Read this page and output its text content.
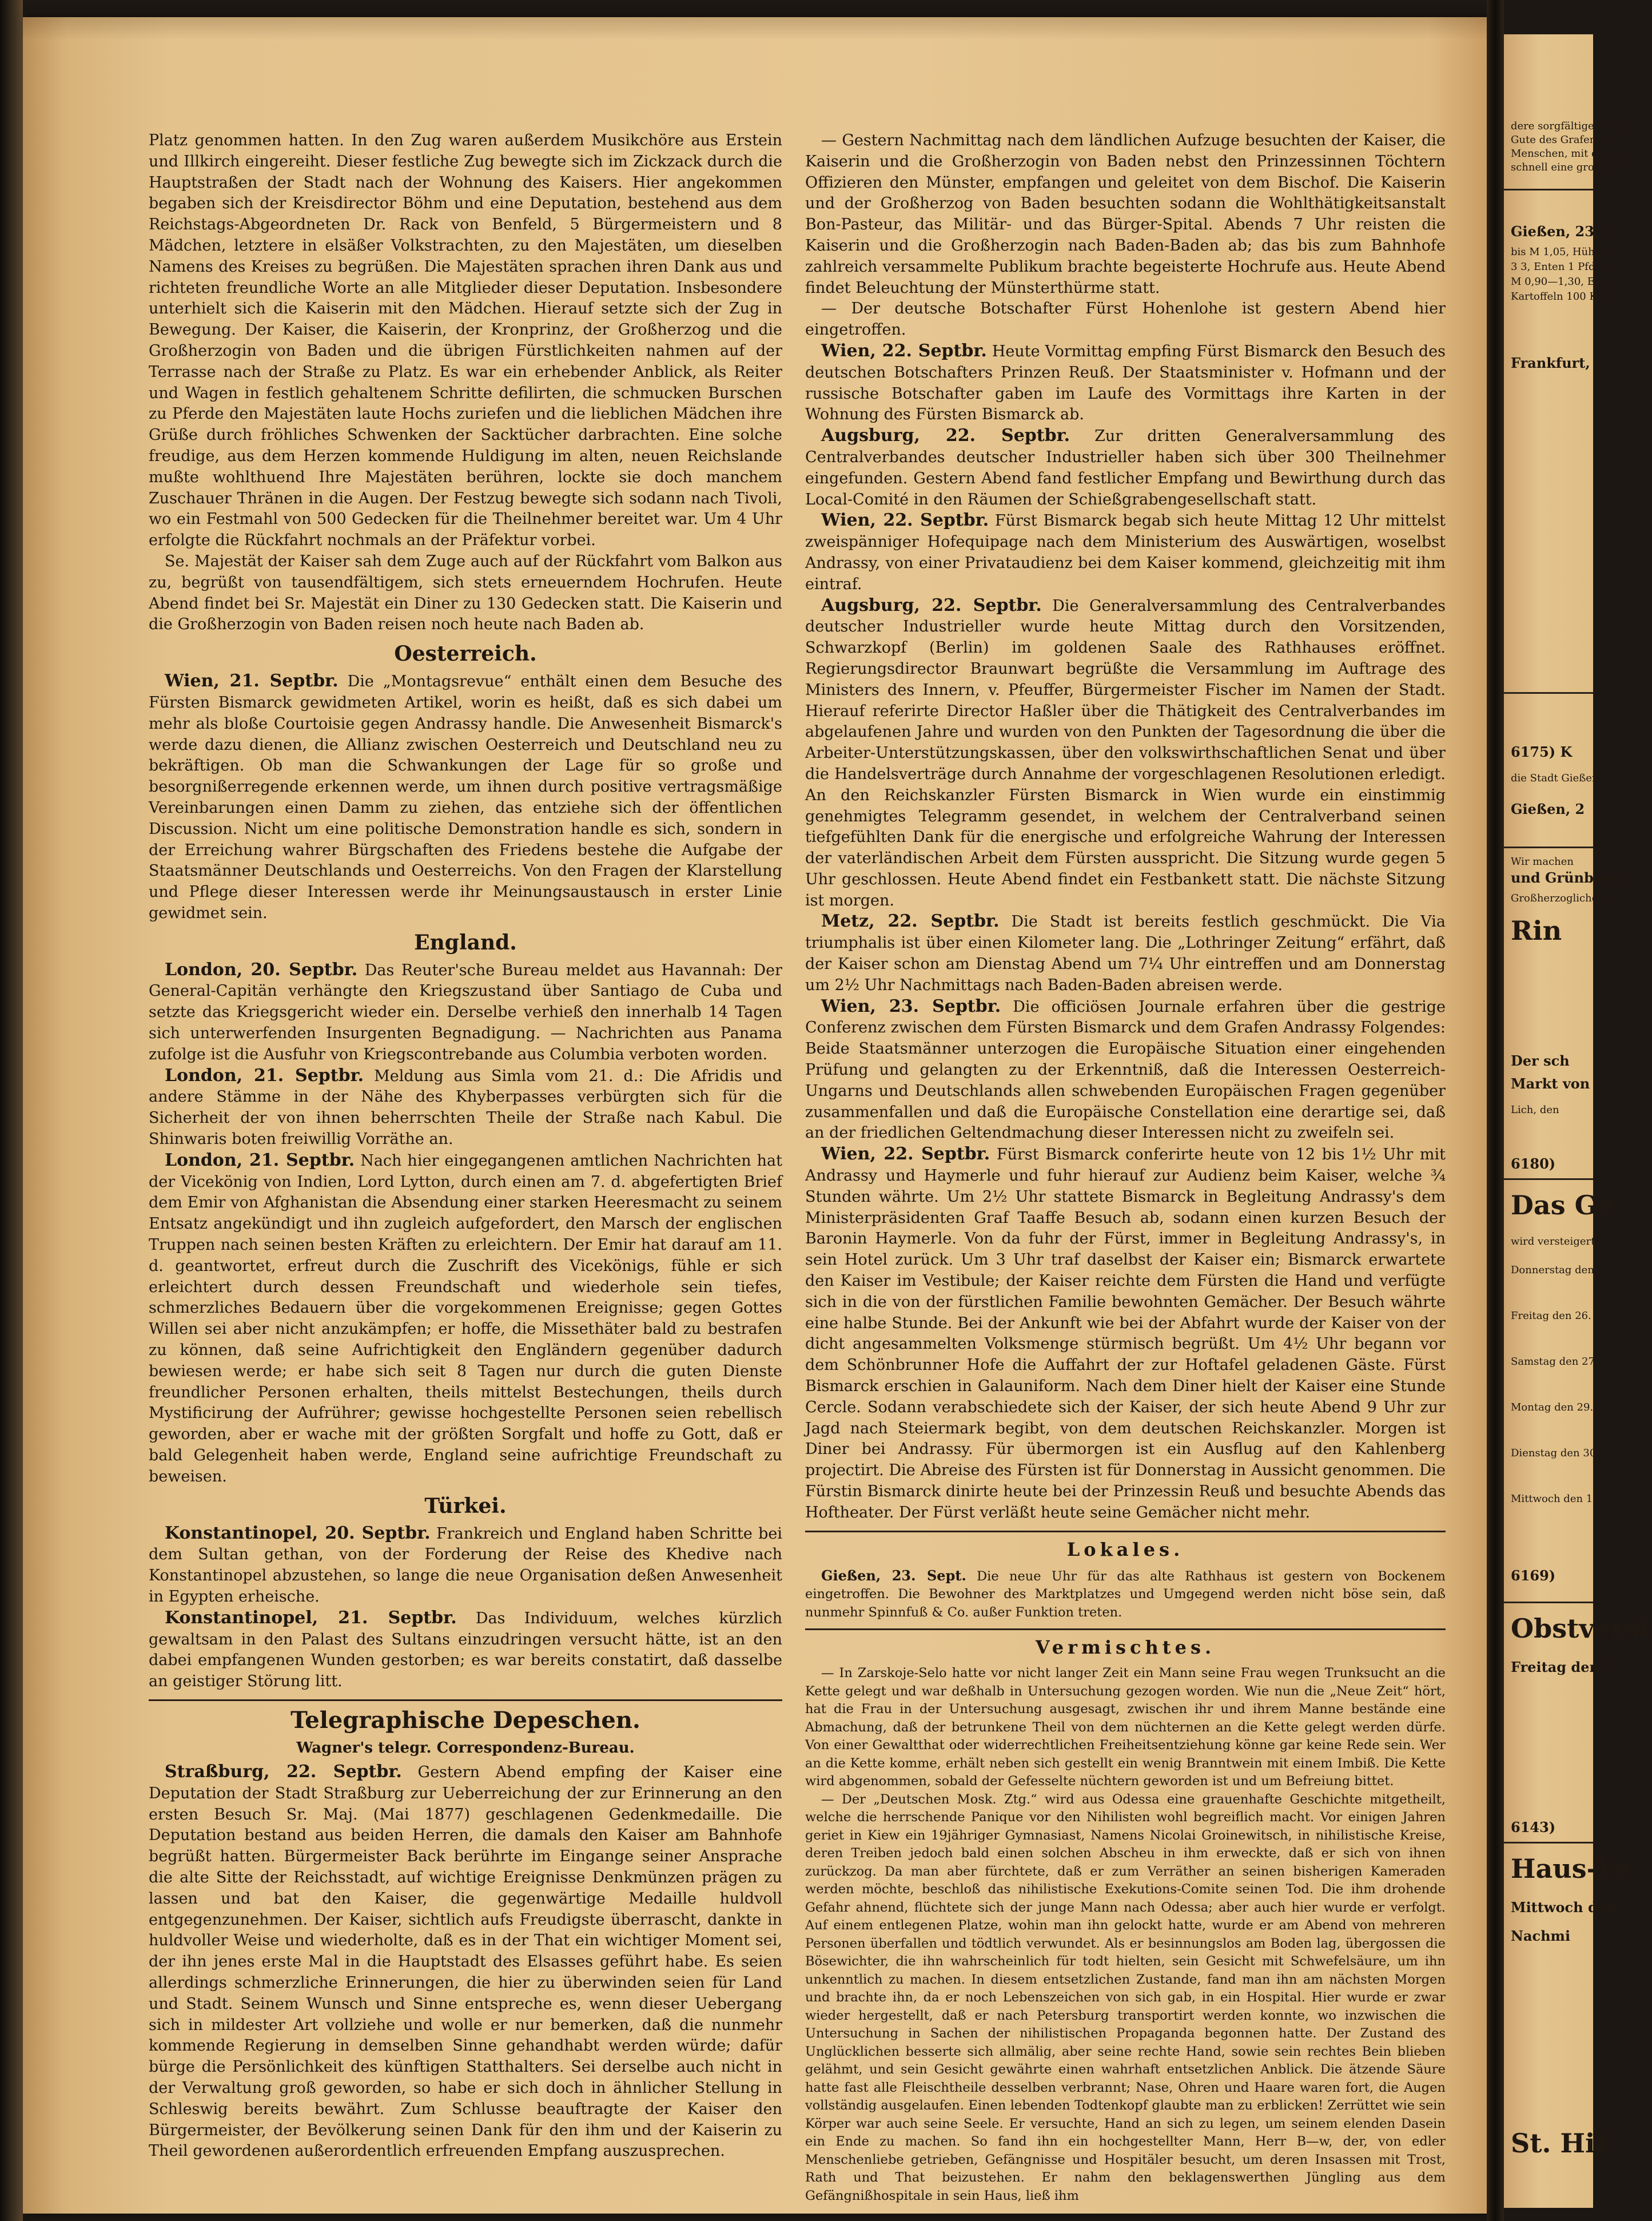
Platz genommen hatten. In den Zug waren außerdem Musikchöre aus Erstein und Illkirch eingereiht. Dieser festliche Zug bewegte sich im Zickzack durch die Hauptstraßen der Stadt nach der Wohnung des Kaisers. Hier angekommen begaben sich der Kreisdirector Böhm und eine Deputation, bestehend aus dem Reichstags-Abgeordneten Dr. Rack von Benfeld, 5 Bürgermeistern und 8 Mädchen, letztere in elsäßer Volkstrachten, zu den Majestäten, um dieselben Namens des Kreises zu begrüßen. Die Majestäten sprachen ihren Dank aus und richteten freundliche Worte an alle Mitglieder dieser Deputation. Insbesondere unterhielt sich die Kaiserin mit den Mädchen. Hierauf setzte sich der Zug in Bewegung. Der Kaiser, die Kaiserin, der Kronprinz, der Großherzog und die Großherzogin von Baden und die übrigen Fürstlichkeiten nahmen auf der Terrasse nach der Straße zu Platz. Es war ein erhebender Anblick, als Reiter und Wagen in festlich gehaltenem Schritte defilirten, die schmucken Burschen zu Pferde den Majestäten laute Hochs zuriefen und die lieblichen Mädchen ihre Grüße durch fröhliches Schwenken der Sacktücher darbrachten. Eine solche freudige, aus dem Herzen kommende Huldigung im alten, neuen Reichslande mußte wohlthuend Ihre Majestäten berühren, lockte sie doch manchem Zuschauer Thränen in die Augen. Der Festzug bewegte sich sodann nach Tivoli, wo ein Festmahl von 500 Gedecken für die Theilnehmer bereitet war. Um 4 Uhr erfolgte die Rückfahrt nochmals an der Präfektur vorbei.

Se. Majestät der Kaiser sah dem Zuge auch auf der Rückfahrt vom Balkon aus zu, begrüßt von tausendfältigem, sich stets erneuerndem Hochrufen. Heute Abend findet bei Sr. Majestät ein Diner zu 130 Gedecken statt. Die Kaiserin und die Großherzogin von Baden reisen noch heute nach Baden ab.

Oesterreich.

Wien, 21. Septbr. Die „Montagsrevue“ enthält einen dem Besuche des Fürsten Bismarck gewidmeten Artikel, worin es heißt, daß es sich dabei um mehr als bloße Courtoisie gegen Andrassy handle. Die Anwesenheit Bismarck's werde dazu dienen, die Allianz zwischen Oesterreich und Deutschland neu zu bekräftigen. Ob man die Schwankungen der Lage für so große und besorgnißerregende erkennen werde, um ihnen durch positive vertragsmäßige Vereinbarungen einen Damm zu ziehen, das entziehe sich der öffentlichen Discussion. Nicht um eine politische Demonstration handle es sich, sondern in der Erreichung wahrer Bürgschaften des Friedens bestehe die Aufgabe der Staatsmänner Deutschlands und Oesterreichs. Von den Fragen der Klarstellung und Pflege dieser Interessen werde ihr Meinungsaustausch in erster Linie gewidmet sein.

England.

London, 20. Septbr. Das Reuter'sche Bureau meldet aus Havannah: Der General-Capitän verhängte den Kriegszustand über Santiago de Cuba und setzte das Kriegsgericht wieder ein. Derselbe verhieß den innerhalb 14 Tagen sich unterwerfenden Insurgenten Begnadigung. — Nachrichten aus Panama zufolge ist die Ausfuhr von Kriegscontrebande aus Columbia verboten worden.

London, 21. Septbr. Meldung aus Simla vom 21. d.: Die Afridis und andere Stämme in der Nähe des Khyberpasses verbürgten sich für die Sicherheit der von ihnen beherrschten Theile der Straße nach Kabul. Die Shinwaris boten freiwillig Vorräthe an.

London, 21. Septbr. Nach hier eingegangenen amtlichen Nachrichten hat der Vicekönig von Indien, Lord Lytton, durch einen am 7. d. abgefertigten Brief dem Emir von Afghanistan die Absendung einer starken Heeresmacht zu seinem Entsatz angekündigt und ihn zugleich aufgefordert, den Marsch der englischen Truppen nach seinen besten Kräften zu erleichtern. Der Emir hat darauf am 11. d. geantwortet, erfreut durch die Zuschrift des Vicekönigs, fühle er sich erleichtert durch dessen Freundschaft und wiederhole sein tiefes, schmerzliches Bedauern über die vorgekommenen Ereignisse; gegen Gottes Willen sei aber nicht anzukämpfen; er hoffe, die Missethäter bald zu bestrafen zu können, daß seine Aufrichtigkeit den Engländern gegenüber dadurch bewiesen werde; er habe sich seit 8 Tagen nur durch die guten Dienste freundlicher Personen erhalten, theils mittelst Bestechungen, theils durch Mystificirung der Aufrührer; gewisse hochgestellte Personen seien rebellisch geworden, aber er wache mit der größten Sorgfalt und hoffe zu Gott, daß er bald Gelegenheit haben werde, England seine aufrichtige Freundschaft zu beweisen.

Türkei.

Konstantinopel, 20. Septbr. Frankreich und England haben Schritte bei dem Sultan gethan, von der Forderung der Reise des Khedive nach Konstantinopel abzustehen, so lange die neue Organisation deßen Anwesenheit in Egypten erheische.

Konstantinopel, 21. Septbr. Das Individuum, welches kürzlich gewaltsam in den Palast des Sultans einzudringen versucht hätte, ist an den dabei empfangenen Wunden gestorben; es war bereits constatirt, daß dasselbe an geistiger Störung litt.

Telegraphische Depeschen.
Wagner's telegr. Correspondenz-Bureau.

Straßburg, 22. Septbr. Gestern Abend empfing der Kaiser eine Deputation der Stadt Straßburg zur Ueberreichung der zur Erinnerung an den ersten Besuch Sr. Maj. (Mai 1877) geschlagenen Gedenkmedaille. Die Deputation bestand aus beiden Herren, die damals den Kaiser am Bahnhofe begrüßt hatten. Bürgermeister Back berührte im Eingange seiner Ansprache die alte Sitte der Reichsstadt, auf wichtige Ereignisse Denkmünzen prägen zu lassen und bat den Kaiser, die gegenwärtige Medaille huldvoll entgegenzunehmen. Der Kaiser, sichtlich aufs Freudigste überrascht, dankte in huldvoller Weise und wiederholte, daß es in der That ein wichtiger Moment sei, der ihn jenes erste Mal in die Hauptstadt des Elsasses geführt habe. Es seien allerdings schmerzliche Erinnerungen, die hier zu überwinden seien für Land und Stadt. Seinem Wunsch und Sinne entspreche es, wenn dieser Uebergang sich in mildester Art vollziehe und wolle er nur bemerken, daß die nunmehr kommende Regierung in demselben Sinne gehandhabt werden würde; dafür bürge die Persönlichkeit des künftigen Statthalters. Sei derselbe auch nicht in der Verwaltung groß geworden, so habe er sich doch in ähnlicher Stellung in Schleswig bereits bewährt. Zum Schlusse beauftragte der Kaiser den Bürgermeister, der Bevölkerung seinen Dank für den ihm und der Kaiserin zu Theil gewordenen außerordentlich erfreuenden Empfang auszusprechen.

— Gestern Nachmittag nach dem ländlichen Aufzuge besuchten der Kaiser, die Kaiserin und die Großherzogin von Baden nebst den Prinzessinnen Töchtern Offizieren den Münster, empfangen und geleitet von dem Bischof. Die Kaiserin und der Großherzog von Baden besuchten sodann die Wohlthätigkeitsanstalt Bon-Pasteur, das Militär- und das Bürger-Spital. Abends 7 Uhr reisten die Kaiserin und die Großherzogin nach Baden-Baden ab; das bis zum Bahnhofe zahlreich versammelte Publikum brachte begeisterte Hochrufe aus. Heute Abend findet Beleuchtung der Münsterthürme statt.

— Der deutsche Botschafter Fürst Hohenlohe ist gestern Abend hier eingetroffen.

Wien, 22. Septbr. Heute Vormittag empfing Fürst Bismarck den Besuch des deutschen Botschafters Prinzen Reuß. Der Staatsminister v. Hofmann und der russische Botschafter gaben im Laufe des Vormittags ihre Karten in der Wohnung des Fürsten Bismarck ab.

Augsburg, 22. Septbr. Zur dritten Generalversammlung des Centralverbandes deutscher Industrieller haben sich über 300 Theilnehmer eingefunden. Gestern Abend fand festlicher Empfang und Bewirthung durch das Local-Comité in den Räumen der Schießgrabengesellschaft statt.

Wien, 22. Septbr. Fürst Bismarck begab sich heute Mittag 12 Uhr mittelst zweispänniger Hofequipage nach dem Ministerium des Auswärtigen, woselbst Andrassy, von einer Privataudienz bei dem Kaiser kommend, gleichzeitig mit ihm eintraf.

Augsburg, 22. Septbr. Die Generalversammlung des Centralverbandes deutscher Industrieller wurde heute Mittag durch den Vorsitzenden, Schwarzkopf (Berlin) im goldenen Saale des Rathhauses eröffnet. Regierungsdirector Braunwart begrüßte die Versammlung im Auftrage des Ministers des Innern, v. Pfeuffer, Bürgermeister Fischer im Namen der Stadt. Hierauf referirte Director Haßler über die Thätigkeit des Centralverbandes im abgelaufenen Jahre und wurden von den Punkten der Tagesordnung die über die Arbeiter-Unterstützungskassen, über den volkswirthschaftlichen Senat und über die Handelsverträge durch Annahme der vorgeschlagenen Resolutionen erledigt. An den Reichskanzler Fürsten Bismarck in Wien wurde ein einstimmig genehmigtes Telegramm gesendet, in welchem der Centralverband seinen tiefgefühlten Dank für die energische und erfolgreiche Wahrung der Interessen der vaterländischen Arbeit dem Fürsten ausspricht. Die Sitzung wurde gegen 5 Uhr geschlossen. Heute Abend findet ein Festbankett statt. Die nächste Sitzung ist morgen.

Metz, 22. Septbr. Die Stadt ist bereits festlich geschmückt. Die Via triumphalis ist über einen Kilometer lang. Die „Lothringer Zeitung“ erfährt, daß der Kaiser schon am Dienstag Abend um 7¼ Uhr eintreffen und am Donnerstag um 2½ Uhr Nachmittags nach Baden-Baden abreisen werde.

Wien, 23. Septbr. Die officiösen Journale erfahren über die gestrige Conferenz zwischen dem Fürsten Bismarck und dem Grafen Andrassy Folgendes: Beide Staatsmänner unterzogen die Europäische Situation einer eingehenden Prüfung und gelangten zu der Erkenntniß, daß die Interessen Oesterreich-Ungarns und Deutschlands allen schwebenden Europäischen Fragen gegenüber zusammenfallen und daß die Europäische Constellation eine derartige sei, daß an der friedlichen Geltendmachung dieser Interessen nicht zu zweifeln sei.

Wien, 22. Septbr. Fürst Bismarck conferirte heute von 12 bis 1½ Uhr mit Andrassy und Haymerle und fuhr hierauf zur Audienz beim Kaiser, welche ¾ Stunden währte. Um 2½ Uhr stattete Bismarck in Begleitung Andrassy's dem Ministerpräsidenten Graf Taaffe Besuch ab, sodann einen kurzen Besuch der Baronin Haymerle. Von da fuhr der Fürst, immer in Begleitung Andrassy's, in sein Hotel zurück. Um 3 Uhr traf daselbst der Kaiser ein; Bismarck erwartete den Kaiser im Vestibule; der Kaiser reichte dem Fürsten die Hand und verfügte sich in die von der fürstlichen Familie bewohnten Gemächer. Der Besuch währte eine halbe Stunde. Bei der Ankunft wie bei der Abfahrt wurde der Kaiser von der dicht angesammelten Volksmenge stürmisch begrüßt. Um 4½ Uhr begann vor dem Schönbrunner Hofe die Auffahrt der zur Hoftafel geladenen Gäste. Fürst Bismarck erschien in Galauniform. Nach dem Diner hielt der Kaiser eine Stunde Cercle. Sodann verabschiedete sich der Kaiser, der sich heute Abend 9 Uhr zur Jagd nach Steiermark begibt, von dem deutschen Reichskanzler. Morgen ist Diner bei Andrassy. Für übermorgen ist ein Ausflug auf den Kahlenberg projectirt. Die Abreise des Fürsten ist für Donnerstag in Aussicht genommen. Die Fürstin Bismarck dinirte heute bei der Prinzessin Reuß und besuchte Abends das Hoftheater. Der Fürst verläßt heute seine Gemächer nicht mehr.

Lokales.

Gießen, 23. Sept. Die neue Uhr für das alte Rathhaus ist gestern von Bockenem eingetroffen. Die Bewohner des Marktplatzes und Umgegend werden nicht böse sein, daß nunmehr Spinnfuß & Co. außer Funktion treten.

Vermischtes.

— In Zarskoje-Selo hatte vor nicht langer Zeit ein Mann seine Frau wegen Trunksucht an die Kette gelegt und war deßhalb in Untersuchung gezogen worden. Wie nun die „Neue Zeit“ hört, hat die Frau in der Untersuchung ausgesagt, zwischen ihr und ihrem Manne bestände eine Abmachung, daß der betrunkene Theil von dem nüchternen an die Kette gelegt werden dürfe. Von einer Gewaltthat oder widerrechtlichen Freiheitsentziehung könne gar keine Rede sein. Wer an die Kette komme, erhält neben sich gestellt ein wenig Branntwein mit einem Imbiß. Die Kette wird abgenommen, sobald der Gefesselte nüchtern geworden ist und um Befreiung bittet.

— Der „Deutschen Mosk. Ztg.“ wird aus Odessa eine grauenhafte Geschichte mitgetheilt, welche die herrschende Panique vor den Nihilisten wohl begreiflich macht. Vor einigen Jahren geriet in Kiew ein 19jähriger Gymnasiast, Namens Nicolai Groinewitsch, in nihilistische Kreise, deren Treiben jedoch bald einen solchen Abscheu in ihm erweckte, daß er sich von ihnen zurückzog. Da man aber fürchtete, daß er zum Verräther an seinen bisherigen Kameraden werden möchte, beschloß das nihilistische Exekutions-Comite seinen Tod. Die ihm drohende Gefahr ahnend, flüchtete sich der junge Mann nach Odessa; aber auch hier wurde er verfolgt. Auf einem entlegenen Platze, wohin man ihn gelockt hatte, wurde er am Abend von mehreren Personen überfallen und tödtlich verwundet. Als er besinnungslos am Boden lag, übergossen die Bösewichter, die ihn wahrscheinlich für todt hielten, sein Gesicht mit Schwefelsäure, um ihn unkenntlich zu machen. In diesem entsetzlichen Zustande, fand man ihn am nächsten Morgen und brachte ihn, da er noch Lebenszeichen von sich gab, in ein Hospital. Hier wurde er zwar wieder hergestellt, daß er nach Petersburg transportirt werden konnte, wo inzwischen die Untersuchung in Sachen der nihilistischen Propaganda begonnen hatte. Der Zustand des Unglücklichen besserte sich allmälig, aber seine rechte Hand, sowie sein rechtes Bein blieben gelähmt, und sein Gesicht gewährte einen wahrhaft entsetzlichen Anblick. Die ätzende Säure hatte fast alle Fleischtheile desselben verbrannt; Nase, Ohren und Haare waren fort, die Augen vollständig ausgelaufen. Einen lebenden Todtenkopf glaubte man zu erblicken! Zerrüttet wie sein Körper war auch seine Seele. Er versuchte, Hand an sich zu legen, um seinem elenden Dasein ein Ende zu machen. So fand ihn ein hochgestellter Mann, Herr B—w, der, von edler Menschenliebe getrieben, Gefängnisse und Hospitäler besucht, um deren Insassen mit Trost, Rath und That beizustehen. Er nahm den beklagenswerthen Jüngling aus dem Gefängnißhospitale in sein Haus, ließ ihm

dere sorgfältige Pflege
Gute des Grafen B—
Menschen, mit dem s
schnell eine große Er
Gießen, 23. S
bis M 1,05, Hühner
3 3, Enten 1 Pfd. 60
M 0,90—1,30, Eier
Kartoffeln 100 Kilo
Frankfurt,
6175) K
die Stadt Gießen
Gießen, 2
Wir machen
und Grünberg
Großherzoglichen
Rin
Der sch
Markt von
Lich, den
6180)
Das Ge
wird versteigert:
Donnerstag den
Freitag den 26.
Samstag den 27.
Montag den 29.
Dienstag den 30.
Mittwoch den 1.
6169)
Obstverst
Freitag den 2
6143)
Haus-Ve
Mittwoch den
Nachmi
St. Hil
